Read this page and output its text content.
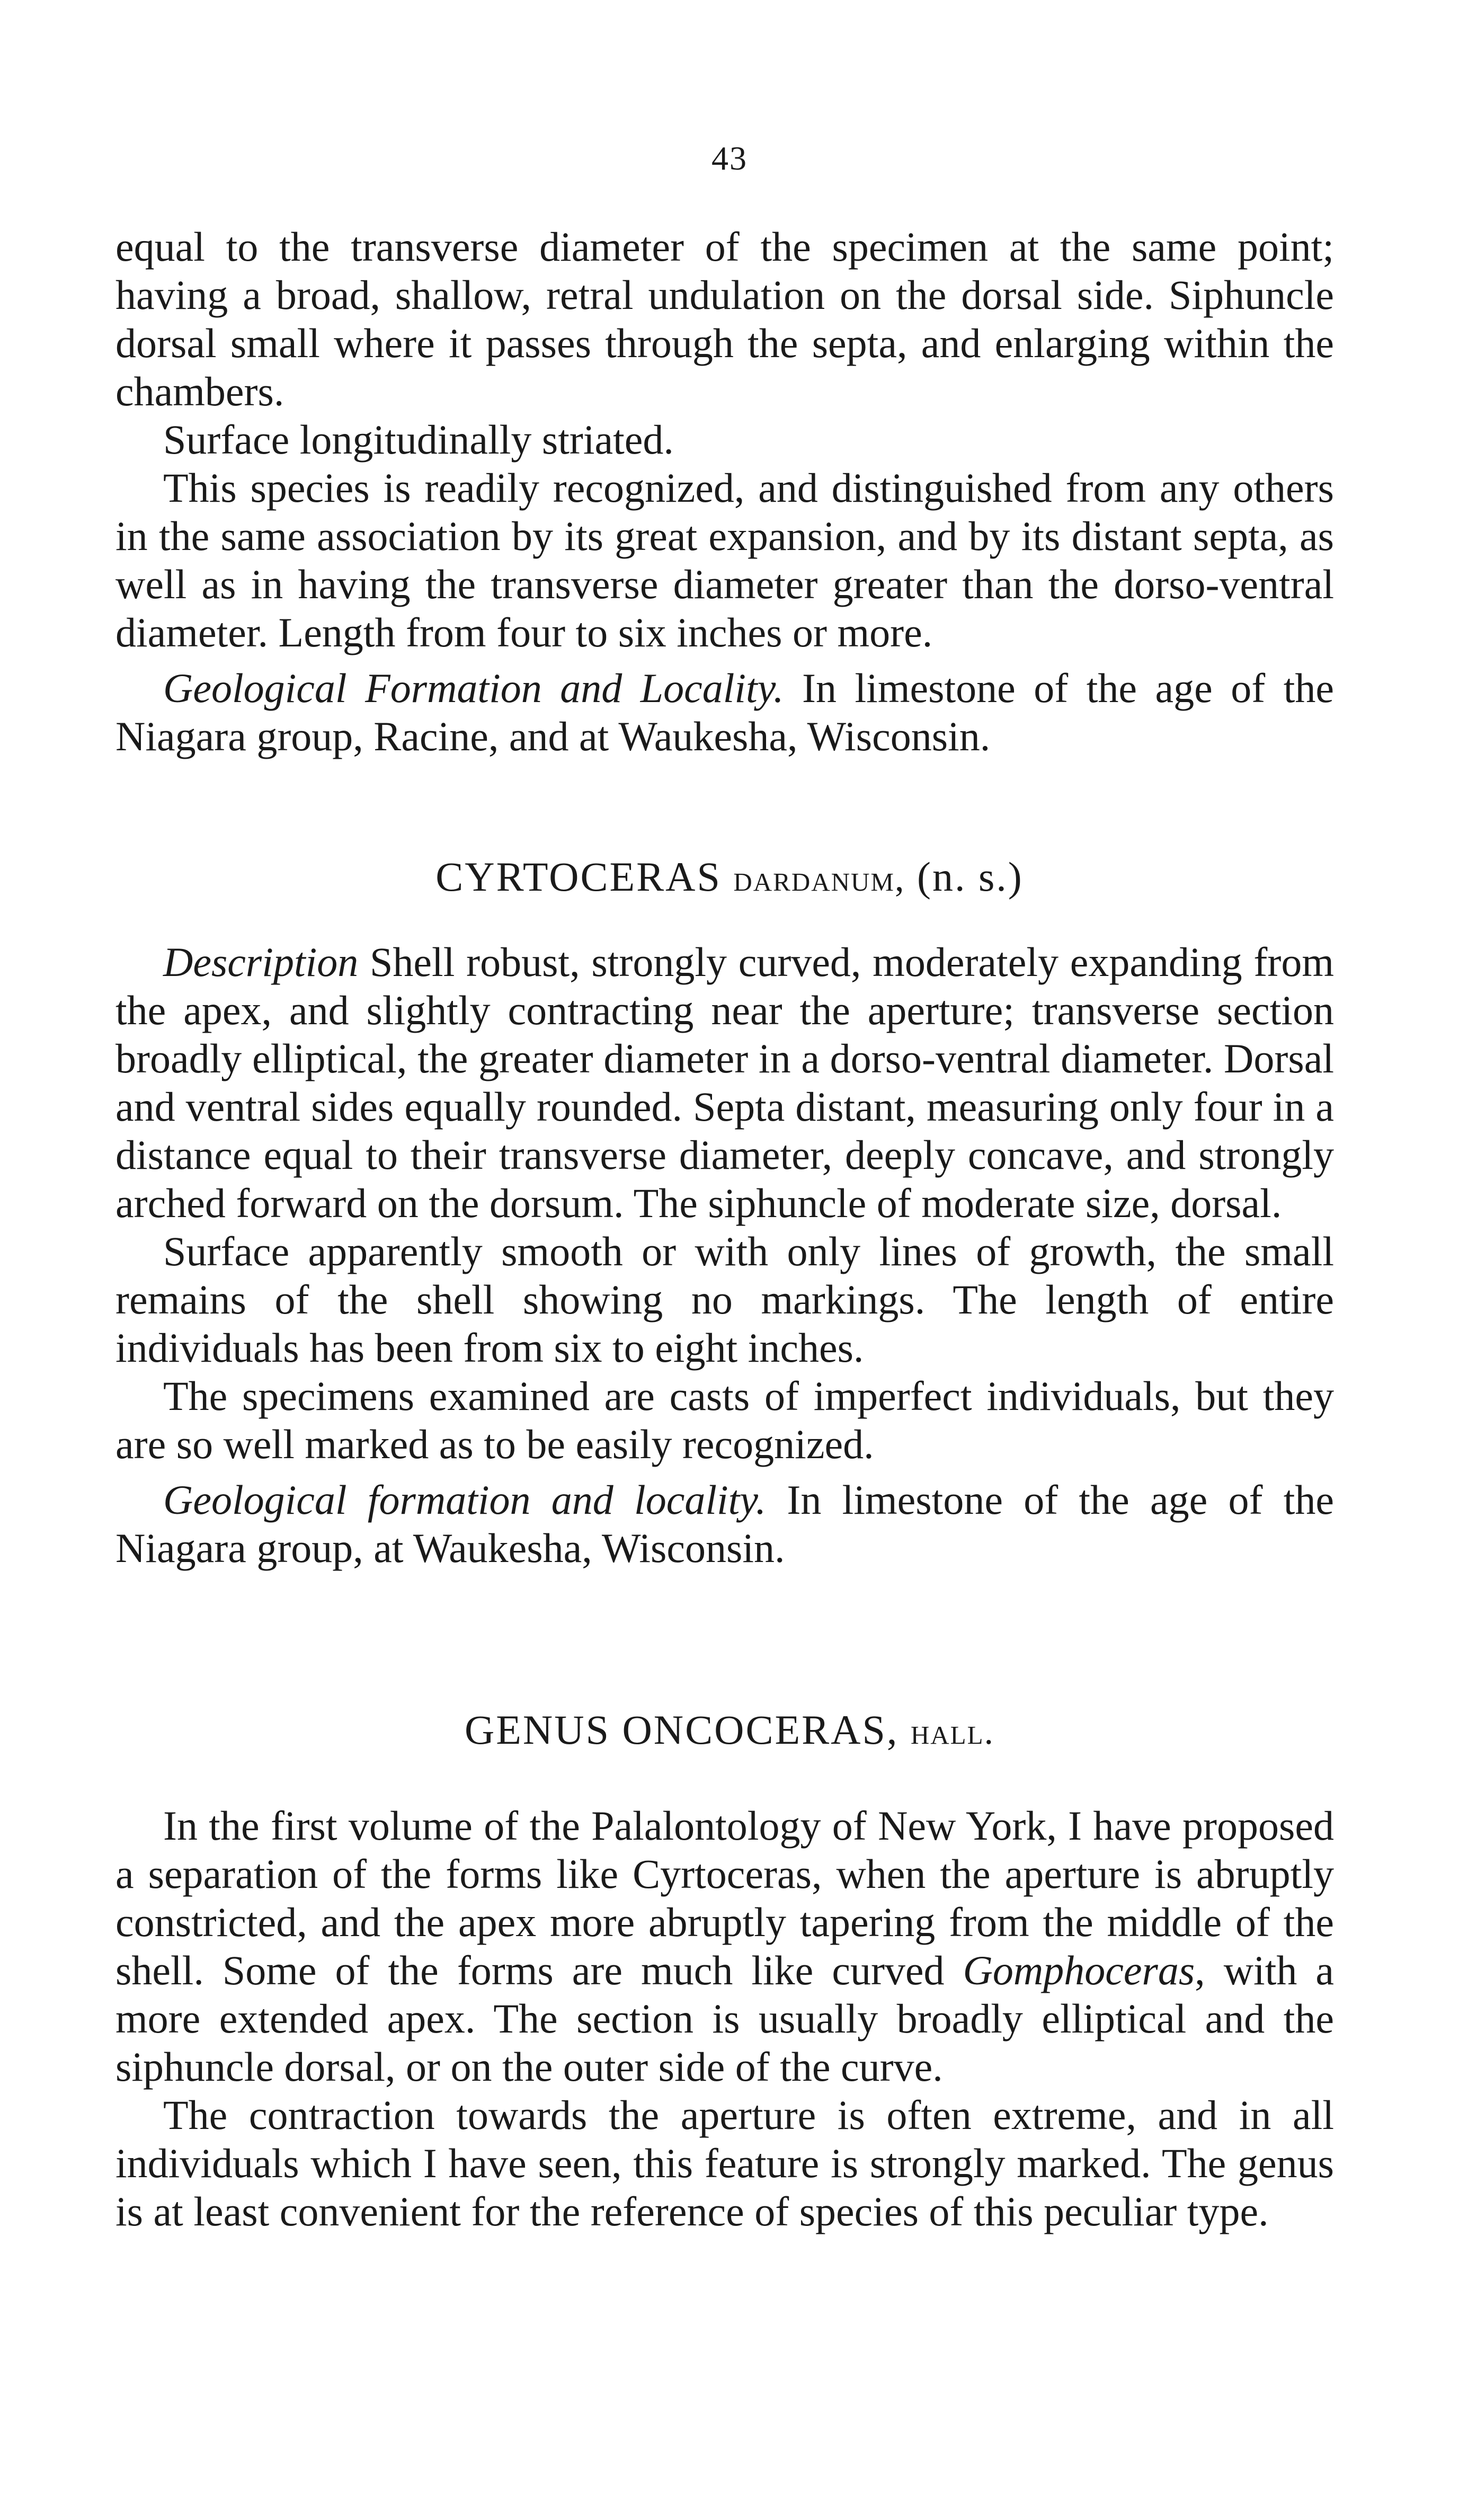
43

equal to the transverse diameter of the specimen at the same point; having a broad, shallow, retral undulation on the dorsal side. Siphuncle dorsal small where it passes through the septa, and enlarging within the chambers.

Surface longitudinally striated.

This species is readily recognized, and distinguished from any others in the same association by its great expansion, and by its distant septa, as well as in having the transverse diameter greater than the dorso-ventral diameter. Length from four to six inches or more.

Geological Formation and Locality. In limestone of the age of the Niagara group, Racine, and at Waukesha, Wisconsin.

CYRTOCERAS dardanum, (n. s.)

Description Shell robust, strongly curved, moderately expanding from the apex, and slightly contracting near the aperture; transverse section broadly elliptical, the greater diameter in a dorso-ventral diameter. Dorsal and ventral sides equally rounded. Septa distant, measuring only four in a distance equal to their transverse diameter, deeply concave, and strongly arched forward on the dorsum. The siphuncle of moderate size, dorsal.

Surface apparently smooth or with only lines of growth, the small remains of the shell showing no markings. The length of entire individuals has been from six to eight inches.

The specimens examined are casts of imperfect individuals, but they are so well marked as to be easily recognized.

Geological formation and locality. In limestone of the age of the Niagara group, at Waukesha, Wisconsin.

GENUS ONCOCERAS, hall.

In the first volume of the Palalontology of New York, I have proposed a separation of the forms like Cyrtoceras, when the aperture is abruptly constricted, and the apex more abruptly tapering from the middle of the shell. Some of the forms are much like curved Gomphoceras, with a more extended apex. The section is usually broadly elliptical and the siphuncle dorsal, or on the outer side of the curve.

The contraction towards the aperture is often extreme, and in all individuals which I have seen, this feature is strongly marked. The genus is at least convenient for the reference of species of this peculiar type.
